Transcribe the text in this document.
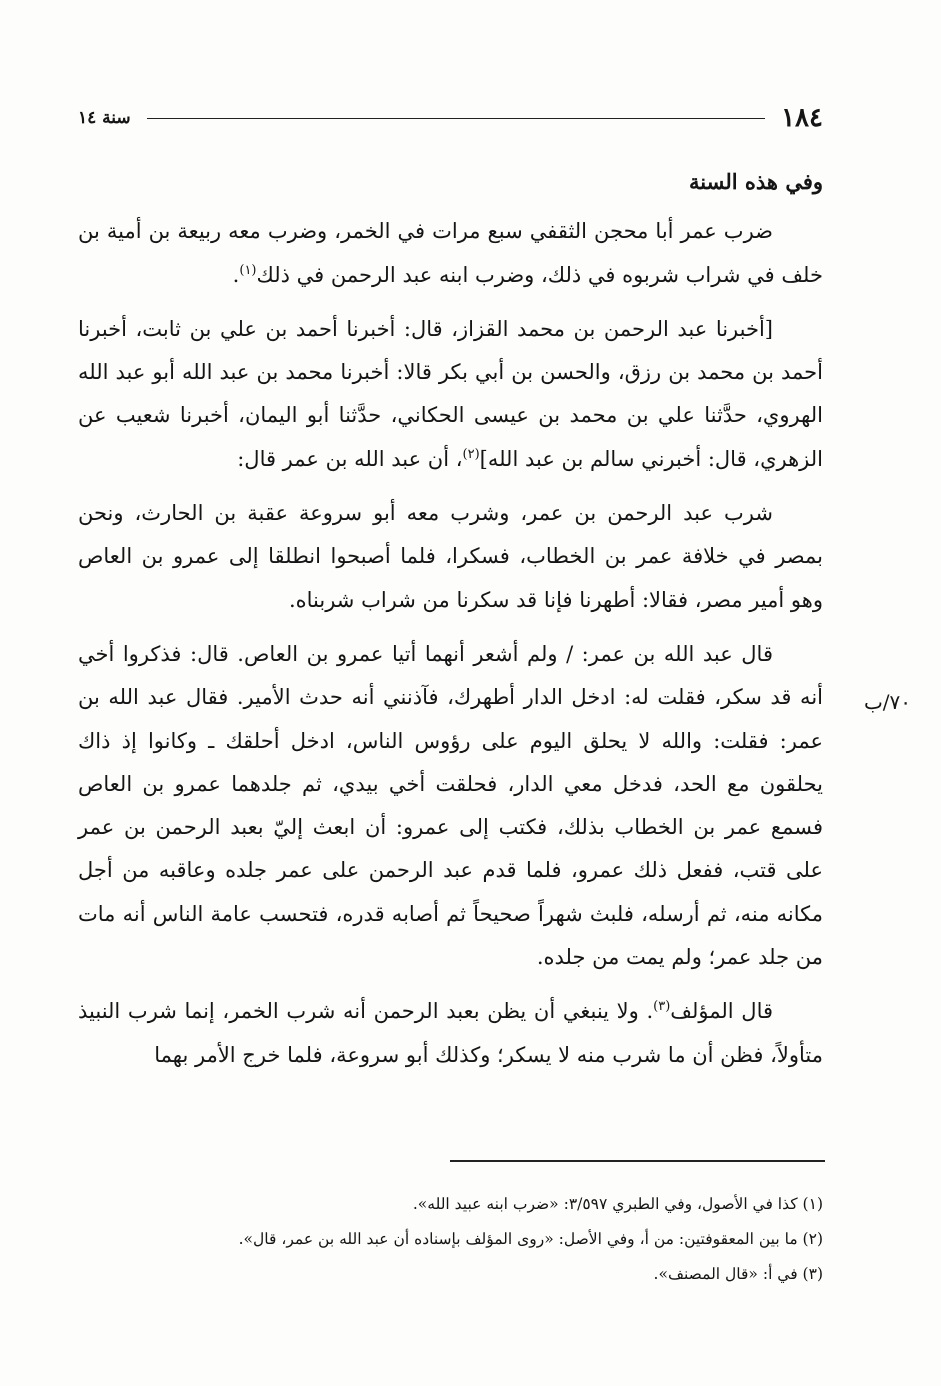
١٨٤
سنة ١٤
٧٠/ب

وفي هذه السنة

ضرب عمر أبا محجن الثقفي سبع مرات في الخمر، وضرب معه ربيعة بن أمية بن خلف في شراب شربوه في ذلك، وضرب ابنه عبد الرحمن في ذلك$^{(١)}$.

[أخبرنا عبد الرحمن بن محمد القزاز، قال: أخبرنا أحمد بن علي بن ثابت، أخبرنا أحمد بن محمد بن رزق، والحسن بن أبي بكر قالا: أخبرنا محمد بن عبد الله أبو عبد الله الهروي، حدَّثنا علي بن محمد بن عيسى الحكاني، حدَّثنا أبو اليمان، أخبرنا شعيب عن الزهري، قال: أخبرني سالم بن عبد الله]$^{(٢)}$، أن عبد الله بن عمر قال:

شرب عبد الرحمن بن عمر، وشرب معه أبو سروعة عقبة بن الحارث، ونحن بمصر في خلافة عمر بن الخطاب، فسكرا، فلما أصبحوا انطلقا إلى عمرو بن العاص وهو أمير مصر، فقالا: أطهرنا فإنا قد سكرنا من شراب شربناه.

قال عبد الله بن عمر: / ولم أشعر أنهما أتيا عمرو بن العاص. قال: فذكروا أخي أنه قد سكر، فقلت له: ادخل الدار أطهرك، فآذنني أنه حدث الأمير. فقال عبد الله بن عمر: فقلت: والله لا يحلق اليوم على رؤوس الناس، ادخل أحلقك ـ وكانوا إذ ذاك يحلقون مع الحد، فدخل معي الدار، فحلقت أخي بيدي، ثم جلدهما عمرو بن العاص فسمع عمر بن الخطاب بذلك، فكتب إلى عمرو: أن ابعث إليّ بعبد الرحمن بن عمر على قتب، ففعل ذلك عمرو، فلما قدم عبد الرحمن على عمر جلده وعاقبه من أجل مكانه منه، ثم أرسله، فلبث شهراً صحيحاً ثم أصابه قدره، فتحسب عامة الناس أنه مات من جلد عمر؛ ولم يمت من جلده.

قال المؤلف$^{(٣)}$. ولا ينبغي أن يظن بعبد الرحمن أنه شرب الخمر، إنما شرب النبيذ متأولاً، فظن أن ما شرب منه لا يسكر؛ وكذلك أبو سروعة، فلما خرج الأمر بهما

(١) كذا في الأصول، وفي الطبري ٣/٥٩٧: «ضرب ابنه عبيد الله».

(٢) ما بين المعقوفتين: من أ، وفي الأصل: «روى المؤلف بإسناده أن عبد الله بن عمر، قال».

(٣) في أ: «قال المصنف».
